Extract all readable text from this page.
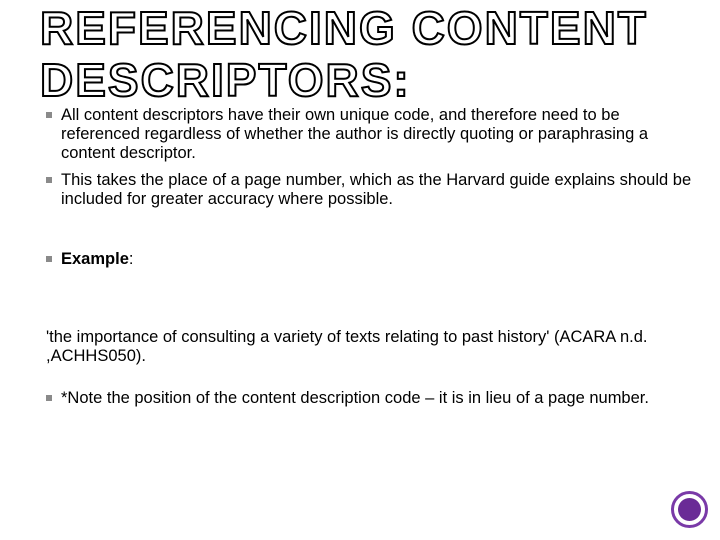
REFERENCING CONTENT DESCRIPTORS:

All content descriptors have their own unique code, and therefore need to be referenced regardless of whether the author is directly quoting or paraphrasing a content descriptor.

This takes the place of a page number, which as the Harvard guide explains should be included for greater accuracy where possible.

Example:

'the importance of consulting a variety of texts relating to past history' (ACARA n.d. ,ACHHS050).

*Note the position of the content description code – it is in lieu of a page number.
